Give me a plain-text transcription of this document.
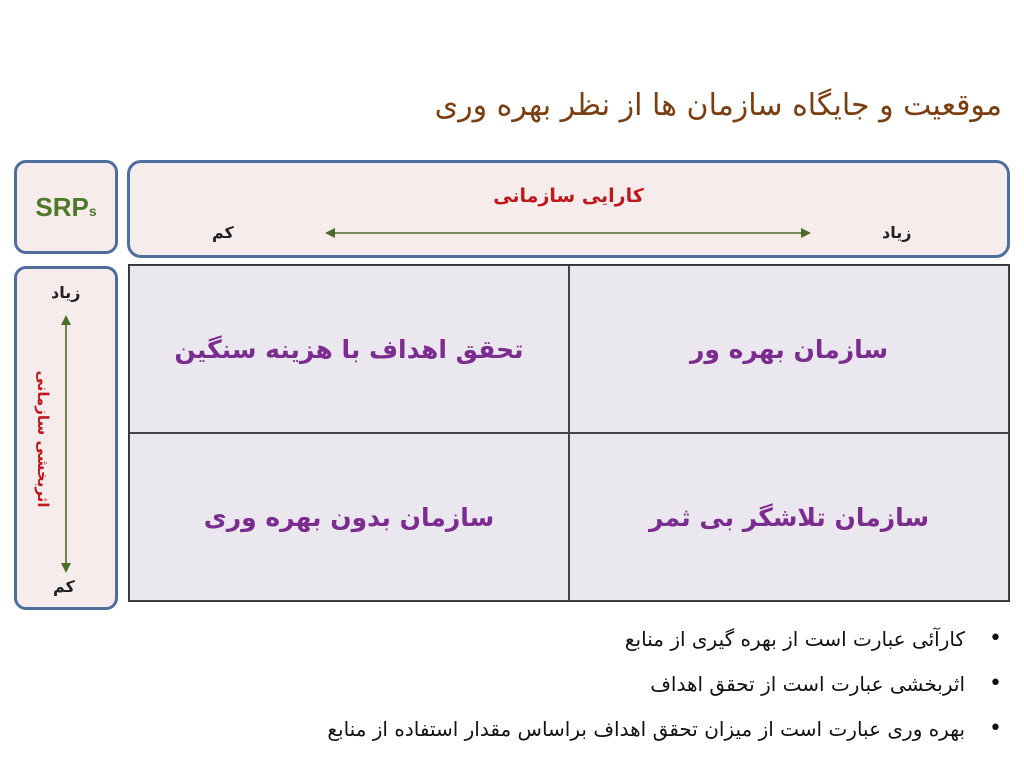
موقعیت و جایگاه سازمان ها از نظر بهره وری
SRPs
کارایی سازمانی
زیاد
کم
زیاد
اثربخشی سازمانی
کم
تحقق اهداف با هزینه سنگین	سازمان بهره ور
سازمان بدون بهره وری	سازمان تلاشگر بی ثمر
•
کارآئی عبارت است از بهره گیری از منابع
•
اثربخشی عبارت است از تحقق اهداف
•
بهره وری عبارت است از میزان تحقق اهداف براساس مقدار استفاده از منابع
